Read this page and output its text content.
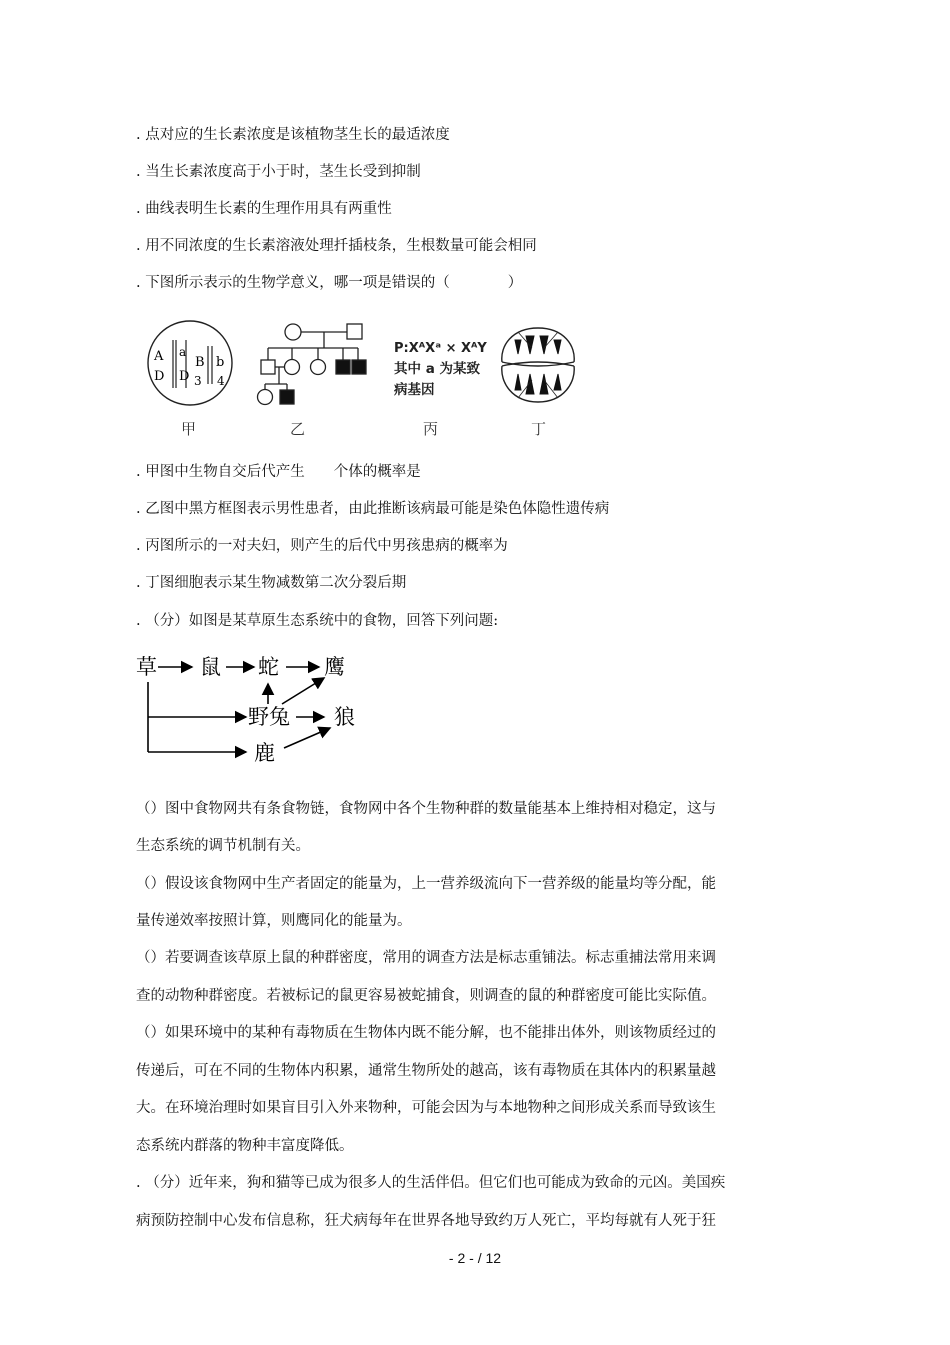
. 点对应的生长素浓度是该植物茎生长的最适浓度
. 当生长素浓度高于小于时，茎生长受到抑制
. 曲线表明生长素的生理作用具有两重性
. 用不同浓度的生长素溶液处理扦插枝条，生根数量可能会相同
. 下图所示表示的生物学意义，哪一项是错误的（　　　　）
A
D
a
D
B b
3 4
P:XᴬXᵃ × XᴬY
其中 a 为某致
病基因
甲	乙	丙	丁
. 甲图中生物自交后代产生　　个体的概率是
. 乙图中黑方框图表示男性患者，由此推断该病最可能是染色体隐性遗传病
. 丙图所示的一对夫妇，则产生的后代中男孩患病的概率为
. 丁图细胞表示某生物减数第二次分裂后期
. （分）如图是某草原生态系统中的食物，回答下列问题:
草 鼠 蛇 鹰
野兔 狼
鹿
（）图中食物网共有条食物链，食物网中各个生物种群的数量能基本上维持相对稳定，这与
生态系统的调节机制有关。
（）假设该食物网中生产者固定的能量为，上一营养级流向下一营养级的能量均等分配，能
量传递效率按照计算，则鹰同化的能量为。
（）若要调查该草原上鼠的种群密度，常用的调查方法是标志重铺法。标志重捕法常用来调
查的动物种群密度。若被标记的鼠更容易被蛇捕食，则调查的鼠的种群密度可能比实际值。
（）如果环境中的某种有毒物质在生物体内既不能分解，也不能排出体外，则该物质经过的
传递后，可在不同的生物体内积累，通常生物所处的越高，该有毒物质在其体内的积累量越
大。在环境治理时如果盲目引入外来物种，可能会因为与本地物种之间形成关系而导致该生
态系统内群落的物种丰富度降低。
. （分）近年来，狗和猫等已成为很多人的生活伴侣。但它们也可能成为致命的元凶。美国疾
病预防控制中心发布信息称，狂犬病每年在世界各地导致约万人死亡，平均每就有人死于狂
- 2 - / 12
